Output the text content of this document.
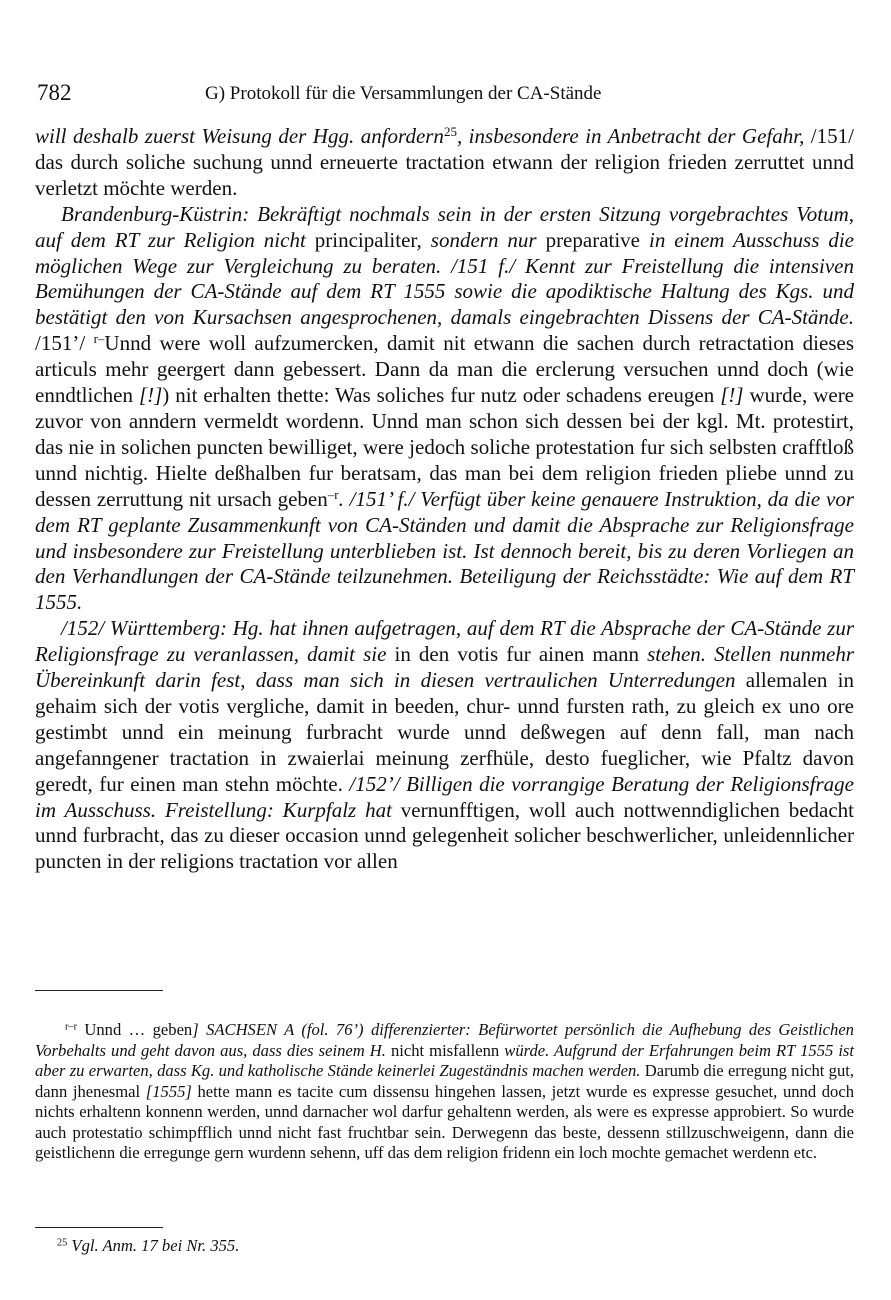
782	G) Protokoll für die Versammlungen der CA-Stände

will deshalb zuerst Weisung der Hgg. anfordern$^{25}$, insbesondere in Anbetracht der Gefahr, /151/ das durch soliche suchung unnd erneuerte tractation etwann der religion frieden zerruttet unnd verletzt möchte werden.

Brandenburg-Küstrin: Bekräftigt nochmals sein in der ersten Sitzung vorgebrachtes Votum, auf dem RT zur Religion nicht principaliter, sondern nur preparative in einem Ausschuss die möglichen Wege zur Vergleichung zu beraten. /151 f./ Kennt zur Freistellung die intensiven Bemühungen der CA-Stände auf dem RT 1555 sowie die apodiktische Haltung des Kgs. und bestätigt den von Kursachsen angesprochenen, damals eingebrachten Dissens der CA-Stände. /151’/ $^{r-}$Unnd were woll aufzumercken, damit nit etwann die sachen durch retractation dieses articuls mehr geergert dann gebessert. Dann da man die erclerung versuchen unnd doch (wie enndtlichen [!]) nit erhalten thette: Was soliches fur nutz oder schadens ereugen [!] wurde, were zuvor von anndern vermeldt wordenn. Unnd man schon sich dessen bei der kgl. Mt. protestirt, das nie in solichen puncten bewilliget, were jedoch soliche protestation fur sich selbsten crafftloß unnd nichtig. Hielte deßhalben fur beratsam, das man bei dem religion frieden pliebe unnd zu dessen zerruttung nit ursach geben$^{-r}$. /151’ f./ Verfügt über keine genauere Instruktion, da die vor dem RT geplante Zusammenkunft von CA-Ständen und damit die Absprache zur Religionsfrage und insbesondere zur Freistellung unterblieben ist. Ist dennoch bereit, bis zu deren Vorliegen an den Verhandlungen der CA-Stände teilzunehmen. Beteiligung der Reichsstädte: Wie auf dem RT 1555.

/152/ Württemberg: Hg. hat ihnen aufgetragen, auf dem RT die Absprache der CA-Stände zur Religionsfrage zu veranlassen, damit sie in den votis fur ainen mann stehen. Stellen nunmehr Übereinkunft darin fest, dass man sich in diesen vertraulichen Unterredungen allemalen in gehaim sich der votis vergliche, damit in beeden, chur- unnd fursten rath, zu gleich ex uno ore gestimbt unnd ein meinung furbracht wurde unnd deßwegen auf denn fall, man nach angefanngener tractation in zwaierlai meinung zerfhüle, desto fueglicher, wie Pfaltz davon geredt, fur einen man stehn möchte. /152’/ Billigen die vorrangige Beratung der Religionsfrage im Ausschuss. Freistellung: Kurpfalz hat vernunfftigen, woll auch nottwenndiglichen bedacht unnd furbracht, das zu dieser occasion unnd gelegenheit solicher beschwerlicher, unleidennlicher puncten in der religions tractation vor allen

$^{r-r}$ Unnd … geben] SACHSEN A (fol. 76’) differenzierter: Befürwortet persönlich die Aufhebung des Geistlichen Vorbehalts und geht davon aus, dass dies seinem H. nicht misfallenn würde. Aufgrund der Erfahrungen beim RT 1555 ist aber zu erwarten, dass Kg. und katholische Stände keinerlei Zugeständnis machen werden. Darumb die erregung nicht gut, dann jhenesmal [1555] hette mann es tacite cum dissensu hingehen lassen, jetzt wurde es expresse gesuchet, unnd doch nichts erhaltenn konnenn werden, unnd darnacher wol darfur gehaltenn werden, als were es expresse approbiert. So wurde auch protestatio schimpfflich unnd nicht fast fruchtbar sein. Derwegenn das beste, dessenn stillzuschweigenn, dann die geistlichenn die erregunge gern wurdenn sehenn, uff das dem religion fridenn ein loch mochte gemachet werdenn etc.

$^{25}$ Vgl. Anm. 17 bei Nr. 355.
